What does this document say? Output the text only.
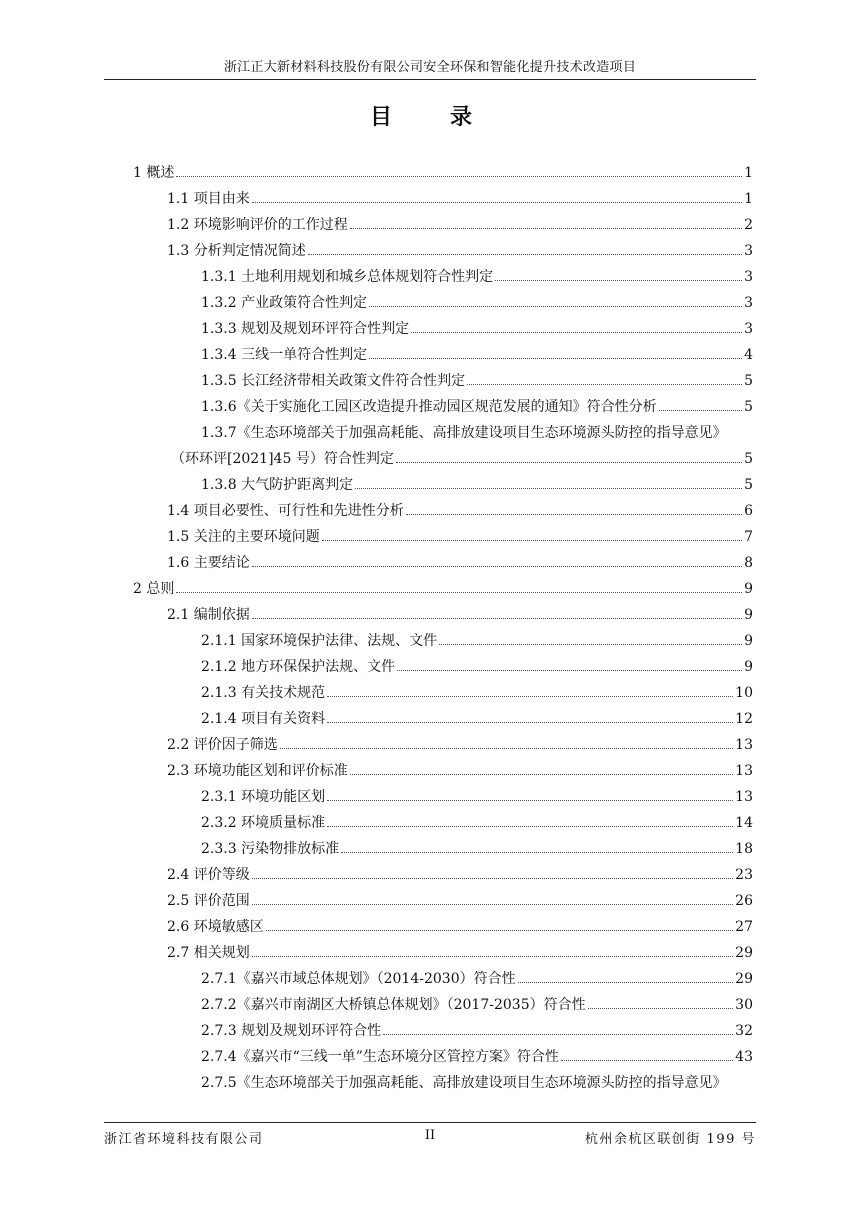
浙江正大新材料科技股份有限公司安全环保和智能化提升技术改造项目
目　录
1 概述	1
1.1 项目由来	1
1.2 环境影响评价的工作过程	2
1.3 分析判定情况简述	3
1.3.1 土地利用规划和城乡总体规划符合性判定	3
1.3.2 产业政策符合性判定	3
1.3.3 规划及规划环评符合性判定	3
1.3.4 三线一单符合性判定	4
1.3.5 长江经济带相关政策文件符合性判定	5
1.3.6《关于实施化工园区改造提升推动园区规范发展的通知》符合性分析	5
1.3.7《生态环境部关于加强高耗能、高排放建设项目生态环境源头防控的指导意见》
（环环评[2021]45 号）符合性判定	5
1.3.8 大气防护距离判定	5
1.4 项目必要性、可行性和先进性分析	6
1.5 关注的主要环境问题	7
1.6 主要结论	8
2 总则	9
2.1 编制依据	9
2.1.1 国家环境保护法律、法规、文件	9
2.1.2 地方环保保护法规、文件	9
2.1.3 有关技术规范	10
2.1.4 项目有关资料	12
2.2 评价因子筛选	13
2.3 环境功能区划和评价标准	13
2.3.1 环境功能区划	13
2.3.2 环境质量标准	14
2.3.3 污染物排放标准	18
2.4 评价等级	23
2.5 评价范围	26
2.6 环境敏感区	27
2.7 相关规划	29
2.7.1《嘉兴市域总体规划》（2014-2030）符合性	29
2.7.2《嘉兴市南湖区大桥镇总体规划》（2017-2035）符合性	30
2.7.3 规划及规划环评符合性	32
2.7.4《嘉兴市“三线一单”生态环境分区管控方案》符合性	43
2.7.5《生态环境部关于加强高耗能、高排放建设项目生态环境源头防控的指导意见》
浙江省环境科技有限公司	II	杭州余杭区联创街 199 号
